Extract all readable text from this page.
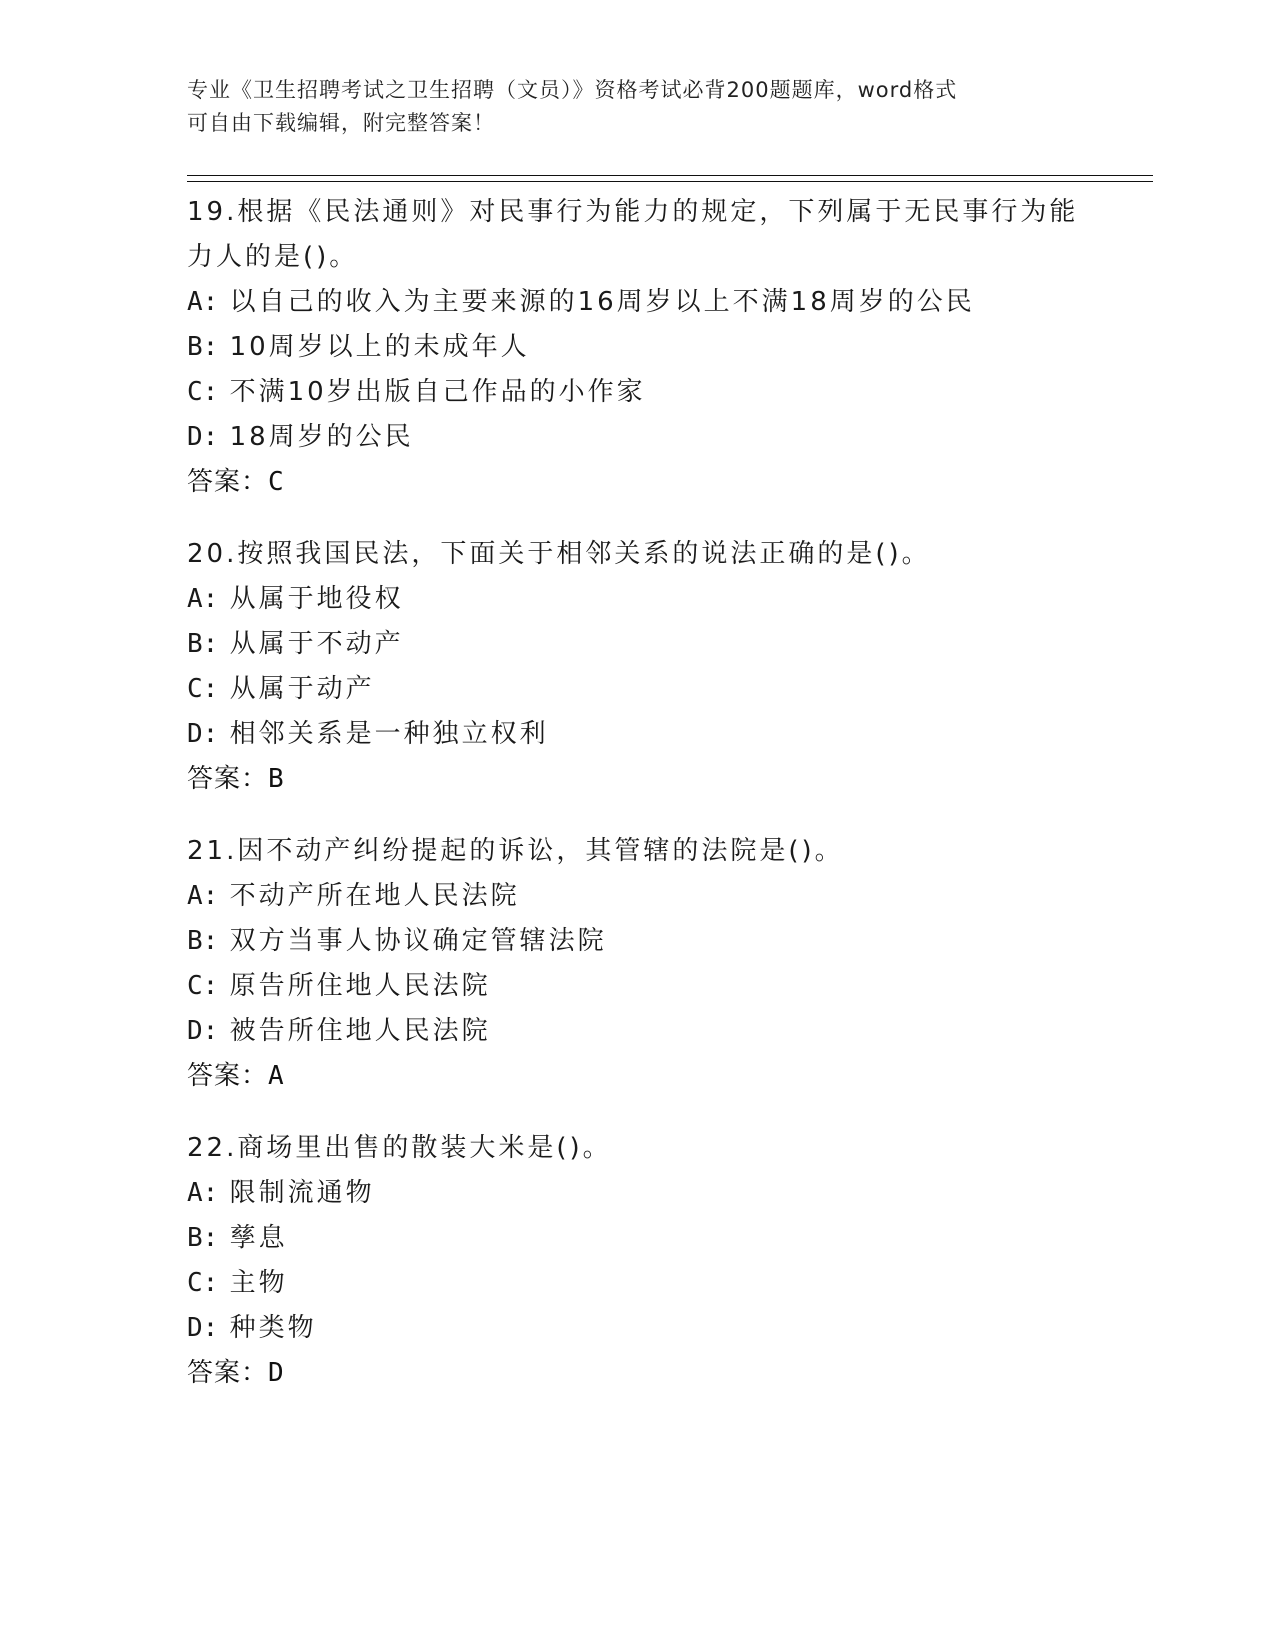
专业《卫生招聘考试之卫生招聘（文员）》资格考试必背200题题库，word格式
可自由下载编辑，附完整答案！
19.根据《民法通则》对民事行为能力的规定，下列属于无民事行为能
力人的是()。
A: 以自己的收入为主要来源的16周岁以上不满18周岁的公民
B: 10周岁以上的未成年人
C: 不满10岁出版自己作品的小作家
D: 18周岁的公民
答案：C
20.按照我国民法，下面关于相邻关系的说法正确的是()。
A: 从属于地役权
B: 从属于不动产
C: 从属于动产
D: 相邻关系是一种独立权利
答案：B
21.因不动产纠纷提起的诉讼，其管辖的法院是()。
A: 不动产所在地人民法院
B: 双方当事人协议确定管辖法院
C: 原告所住地人民法院
D: 被告所住地人民法院
答案：A
22.商场里出售的散装大米是()。
A: 限制流通物
B: 孳息
C: 主物
D: 种类物
答案：D
